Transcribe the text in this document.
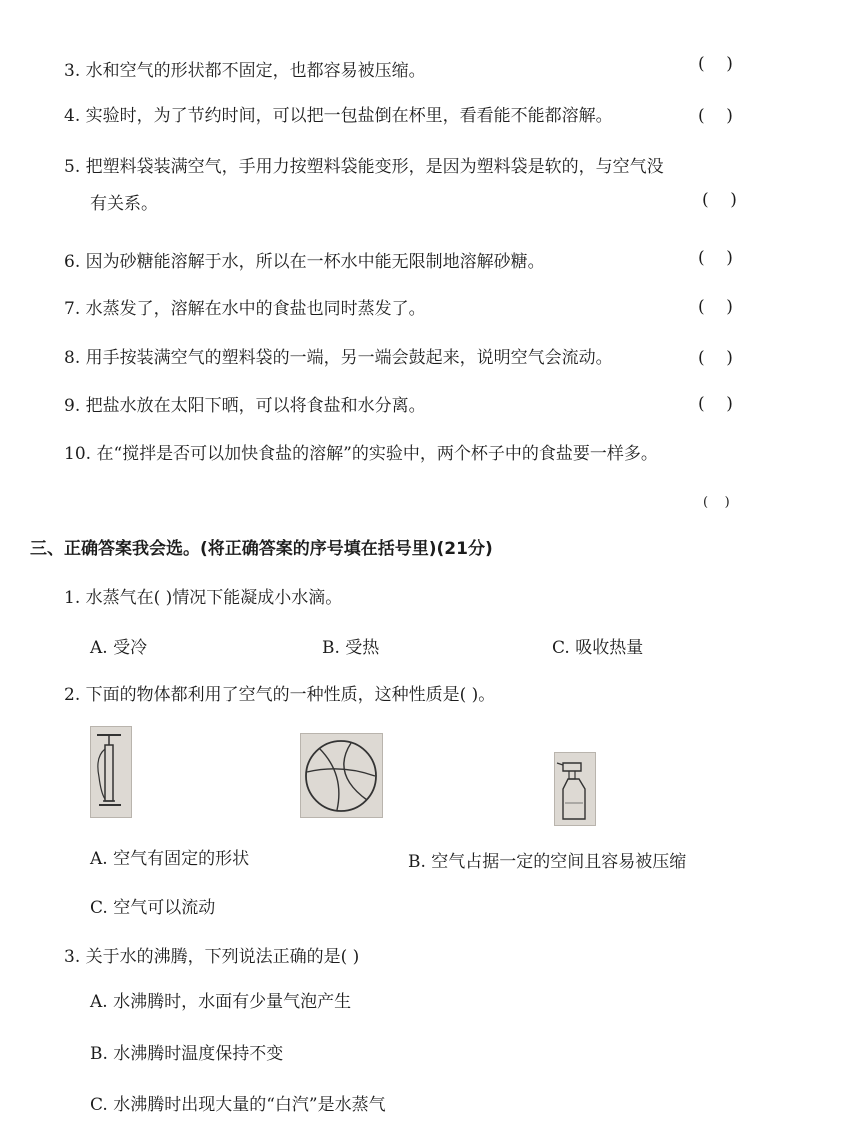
3. 水和空气的形状都不固定，也都容易被压缩。	(    )
4. 实验时，为了节约时间，可以把一包盐倒在杯里，看看能不能都溶解。	(    )
5. 把塑料袋装满空气，手用力按塑料袋能变形，是因为塑料袋是软的，与空气没
有关系。	(    )
6. 因为砂糖能溶解于水，所以在一杯水中能无限制地溶解砂糖。	(    )
7. 水蒸发了，溶解在水中的食盐也同时蒸发了。	(    )
8. 用手按装满空气的塑料袋的一端，另一端会鼓起来，说明空气会流动。	(    )
9. 把盐水放在太阳下晒，可以将食盐和水分离。	(    )
10. 在“搅拌是否可以加快食盐的溶解”的实验中，两个杯子中的食盐要一样多。
(    )
三、正确答案我会选。(将正确答案的序号填在括号里)(21分)
1. 水蒸气在( )情况下能凝成小水滴。
A. 受冷	B. 受热	C. 吸收热量
2. 下面的物体都利用了空气的一种性质，这种性质是( )。
A. 空气有固定的形状	B. 空气占据一定的空间且容易被压缩
C. 空气可以流动
3. 关于水的沸腾，下列说法正确的是( )
A. 水沸腾时，水面有少量气泡产生
B. 水沸腾时温度保持不变
C. 水沸腾时出现大量的“白汽”是水蒸气
